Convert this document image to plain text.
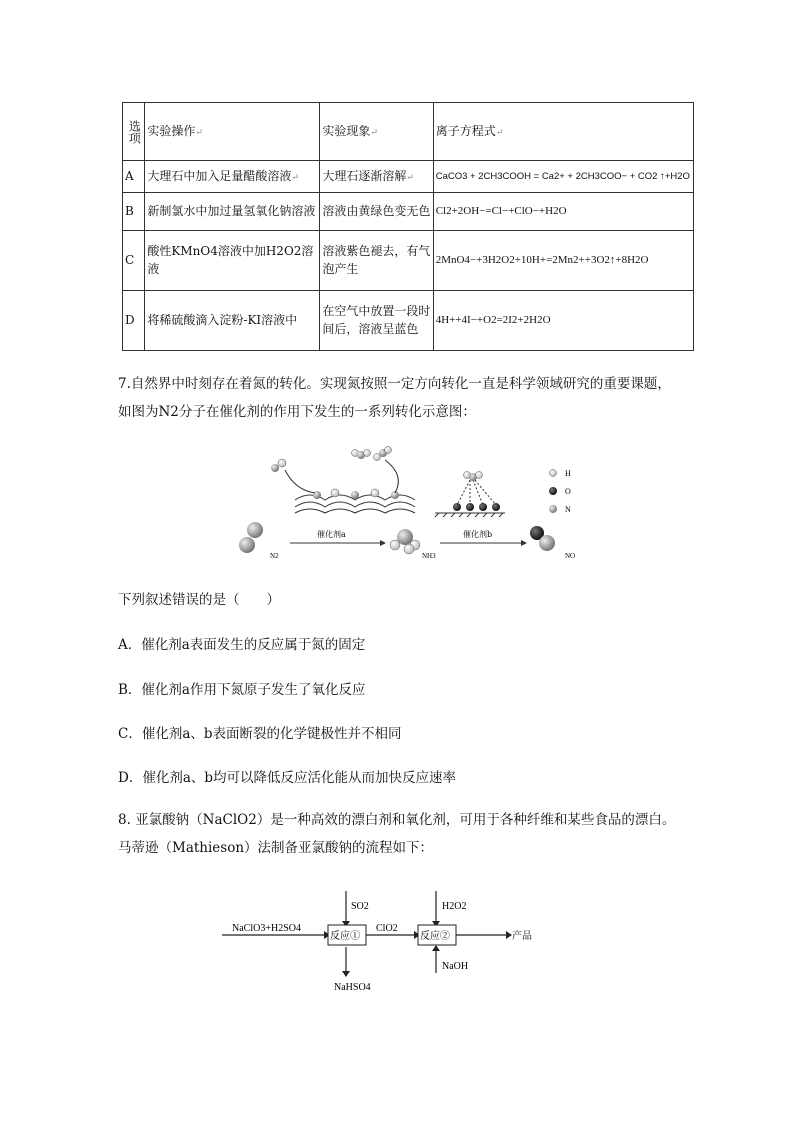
选项	实验操作↵	实验现象↵	离子方程式↵
A	大理石中加入足量醋酸溶液↵	大理石逐渐溶解↵	CaCO3 + 2CH3COOH = Ca2+ + 2CH3COO− + CO2 ↑+H2O
B	新制氯水中加过量氢氧化钠溶液	溶液由黄绿色变无色	Cl2+2OH−=Cl−+ClO−+H2O
C	酸性KMnO4溶液中加H2O2溶液	溶液紫色褪去，有气泡产生	2MnO4−+3H2O2+10H+=2Mn2++3O2↑+8H2O
D	将稀硫酸滴入淀粉-KI溶液中	在空气中放置一段时间后，溶液呈蓝色	4H++4I−+O2=2I2+2H2O
7.自然界中时刻存在着氮的转化。实现氮按照一定方向转化一直是科学领域研究的重要课题，
如图为N2分子在催化剂的作用下发生的一系列转化示意图：
H
O
N
N2
催化剂a
NH3
催化剂b
NO
下列叙述错误的是（　　）
A．催化剂a表面发生的反应属于氮的固定
B．催化剂a作用下氮原子发生了氧化反应
C．催化剂a、b表面断裂的化学键极性并不相同
D．催化剂a、b均可以降低反应活化能从而加快反应速率
8. 亚氯酸钠（NaClO2）是一种高效的漂白剂和氧化剂，可用于各种纤维和某些食品的漂白。
马蒂逊（Mathieson）法制备亚氯酸钠的流程如下：
反应①	反应②
NaClO3+H2SO4
SO2
ClO2
H2O2
产品
NaHSO4
NaOH
